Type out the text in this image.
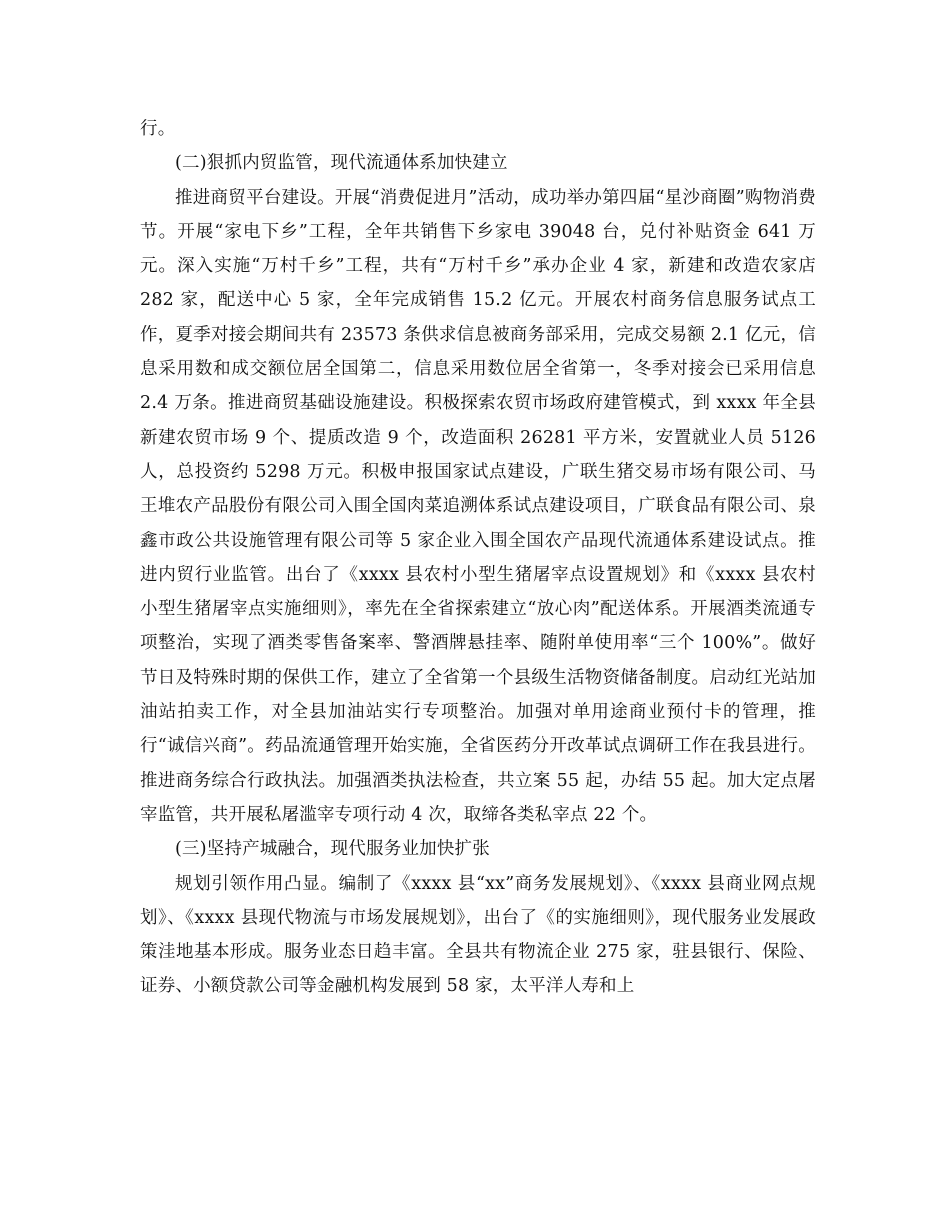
行。

(二)狠抓内贸监管，现代流通体系加快建立

推进商贸平台建设。开展“消费促进月”活动，成功举办第四届“星沙商圈”购物消费节。开展“家电下乡”工程，全年共销售下乡家电 39048 台，兑付补贴资金 641 万元。深入实施“万村千乡”工程，共有“万村千乡”承办企业 4 家，新建和改造农家店 282 家，配送中心 5 家，全年完成销售 15.2 亿元。开展农村商务信息服务试点工作，夏季对接会期间共有 23573 条供求信息被商务部采用，完成交易额 2.1 亿元，信息采用数和成交额位居全国第二，信息采用数位居全省第一，冬季对接会已采用信息 2.4 万条。推进商贸基础设施建设。积极探索农贸市场政府建管模式，到 xxxx 年全县新建农贸市场 9 个、提质改造 9 个，改造面积 26281 平方米，安置就业人员 5126 人，总投资约 5298 万元。积极申报国家试点建设，广联生猪交易市场有限公司、马王堆农产品股份有限公司入围全国肉菜追溯体系试点建设项目，广联食品有限公司、泉鑫市政公共设施管理有限公司等 5 家企业入围全国农产品现代流通体系建设试点。推进内贸行业监管。出台了《xxxx 县农村小型生猪屠宰点设置规划》和《xxxx 县农村小型生猪屠宰点实施细则》，率先在全省探索建立“放心肉”配送体系。开展酒类流通专项整治，实现了酒类零售备案率、警酒牌悬挂率、随附单使用率“三个 100%”。做好节日及特殊时期的保供工作，建立了全省第一个县级生活物资储备制度。启动红光站加油站拍卖工作，对全县加油站实行专项整治。加强对单用途商业预付卡的管理，推行“诚信兴商”。药品流通管理开始实施，全省医药分开改革试点调研工作在我县进行。推进商务综合行政执法。加强酒类执法检查，共立案 55 起，办结 55 起。加大定点屠宰监管，共开展私屠滥宰专项行动 4 次，取缔各类私宰点 22 个。

(三)坚持产城融合，现代服务业加快扩张

规划引领作用凸显。编制了《xxxx 县“xx”商务发展规划》、《xxxx 县商业网点规划》、《xxxx 县现代物流与市场发展规划》，出台了《的实施细则》，现代服务业发展政策洼地基本形成。服务业态日趋丰富。全县共有物流企业 275 家，驻县银行、保险、证券、小额贷款公司等金融机构发展到 58 家，太平洋人寿和上
